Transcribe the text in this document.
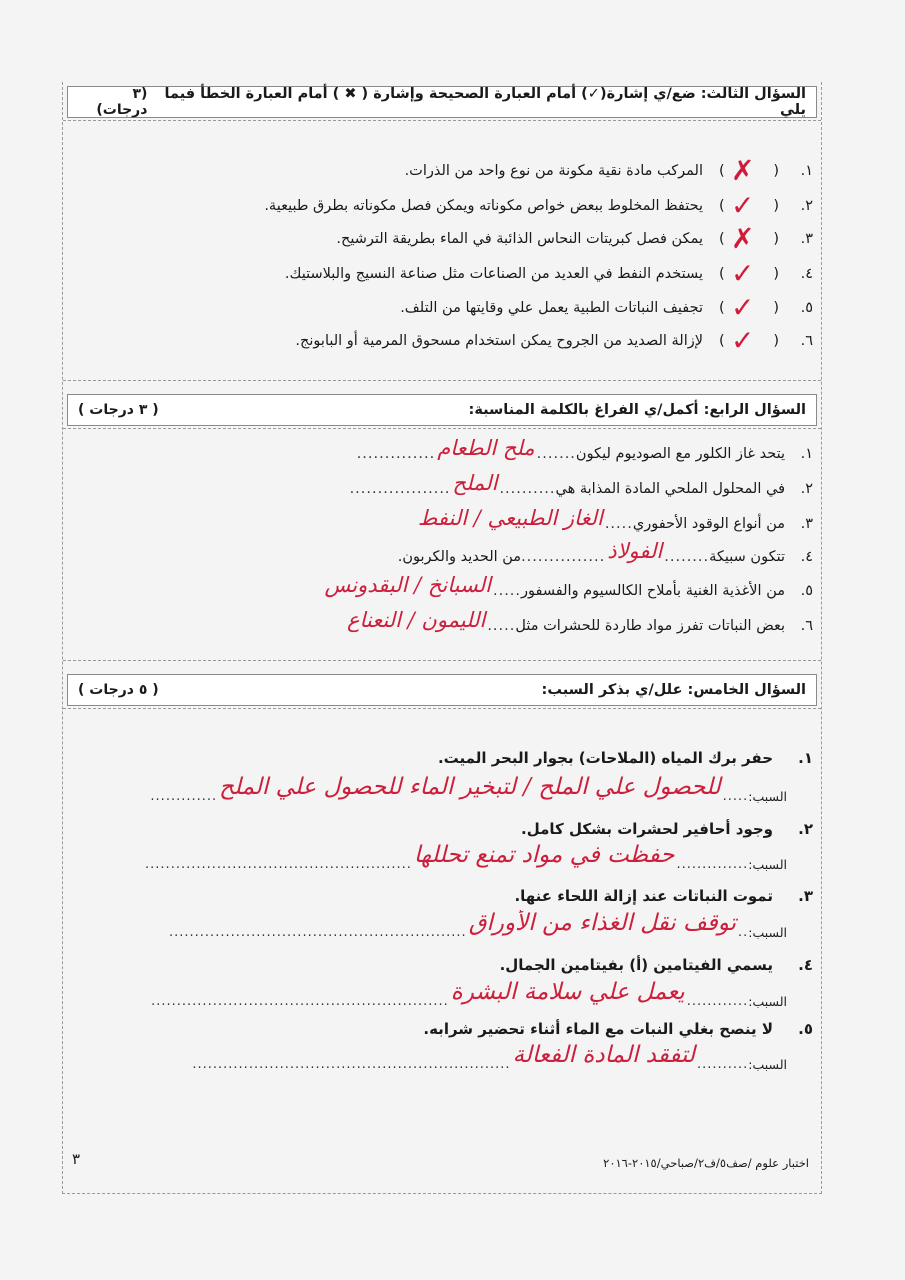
السؤال الثالث: ضع/ي إشارة(✓) أمام العبارة الصحيحة وإشارة ( ✖ ) أمام العبارة الخطأ فيما يلي
(٣ درجات)
١.
(
✗
)
المركب مادة نقية مكونة من نوع واحد من الذرات.
٢.
(
✓
)
يحتفظ المخلوط ببعض خواص مكوناته ويمكن فصل مكوناته بطرق طبيعية.
٣.
(
✗
)
يمكن فصل كبريتات النحاس الذائبة في الماء بطريقة الترشيح.
٤.
(
✓
)
يستخدم النفط في العديد من الصناعات مثل صناعة النسيج والبلاستيك.
٥.
(
✓
)
تجفيف النباتات الطبية يعمل علي وقايتها من التلف.
٦.
(
✓
)
لإزالة الصديد من الجروح يمكن استخدام مسحوق المرمية أو البابونج.
السؤال الرابع: أكمل/ي الفراغ بالكلمة المناسبة:
( ٣ درجات )
١.
يتحد غاز الكلور مع الصوديوم ليكون
.......
ملح الطعام
..............
٢.
في المحلول الملحي المادة المذابة هي
..........
الملح
..................
٣.
من أنواع الوقود الأحفوري
.....
الغاز الطبيعي / النفط
٤.
تتكون سبيكة
........
الفولاذ
...............
من الحديد والكربون.
٥.
من الأغذية الغنية بأملاح الكالسيوم والفسفور
.....
السبانخ / البقدونس
٦.
بعض النباتات تفرز مواد طاردة للحشرات مثل
.....
الليمون / النعناع
السؤال الخامس: علل/ي بذكر السبب:
( ٥ درجات )
١.
حفر برك المياه (الملاحات) بجوار البحر الميت.
السبب:
.....
للحصول علي الملح / لتبخير الماء للحصول علي الملح
.............
٢.
وجود أحافير لحشرات بشكل كامل.
السبب:
..............
حفظت في مواد تمنع تحللها
....................................................
٣.
تموت النباتات عند إزالة اللحاء عنها.
السبب:
..
توقف نقل الغذاء من الأوراق
..........................................................
٤.
يسمي الفيتامين (أ) بفيتامين الجمال.
السبب:
............
يعمل علي سلامة البشرة
..........................................................
٥.
لا ينصح بغلي النبات مع الماء أثناء تحضير شرابه.
السبب:
..........
لتفقد المادة الفعالة
..............................................................
٣	اختبار علوم /صف٥/ف٢/صباحي/٢٠١٥-٢٠١٦
